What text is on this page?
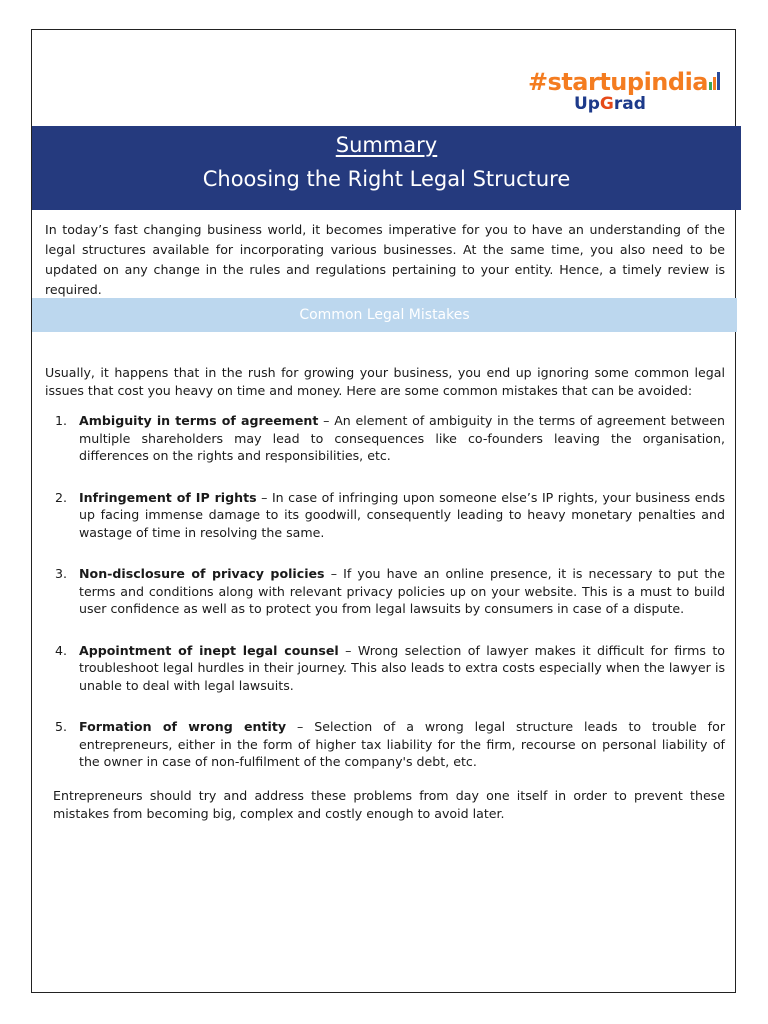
# startupindia
UpGrad
Summary
Choosing the Right Legal Structure

In today’s fast changing business world, it becomes imperative for you to have an understanding of the legal structures available for incorporating various businesses. At the same time, you also need to be updated on any change in the rules and regulations pertaining to your entity. Hence, a timely review is required.

Common Legal Mistakes

Usually, it happens that in the rush for growing your business, you end up ignoring some common legal issues that cost you heavy on time and money. Here are some common mistakes that can be avoided:

1. Ambiguity in terms of agreement – An element of ambiguity in the terms of agreement between multiple shareholders may lead to consequences like co-founders leaving the organisation, differences on the rights and responsibilities, etc.
2. Infringement of IP rights – In case of infringing upon someone else’s IP rights, your business ends up facing immense damage to its goodwill, consequently leading to heavy monetary penalties and wastage of time in resolving the same.
3. Non-disclosure of privacy policies – If you have an online presence, it is necessary to put the terms and conditions along with relevant privacy policies up on your website. This is a must to build user confidence as well as to protect you from legal lawsuits by consumers in case of a dispute.
4. Appointment of inept legal counsel – Wrong selection of lawyer makes it difficult for firms to troubleshoot legal hurdles in their journey. This also leads to extra costs especially when the lawyer is unable to deal with legal lawsuits.
5. Formation of wrong entity – Selection of a wrong legal structure leads to trouble for entrepreneurs, either in the form of higher tax liability for the firm, recourse on personal liability of the owner in case of non-fulfilment of the company's debt, etc.

Entrepreneurs should try and address these problems from day one itself in order to prevent these mistakes from becoming big, complex and costly enough to avoid later.
